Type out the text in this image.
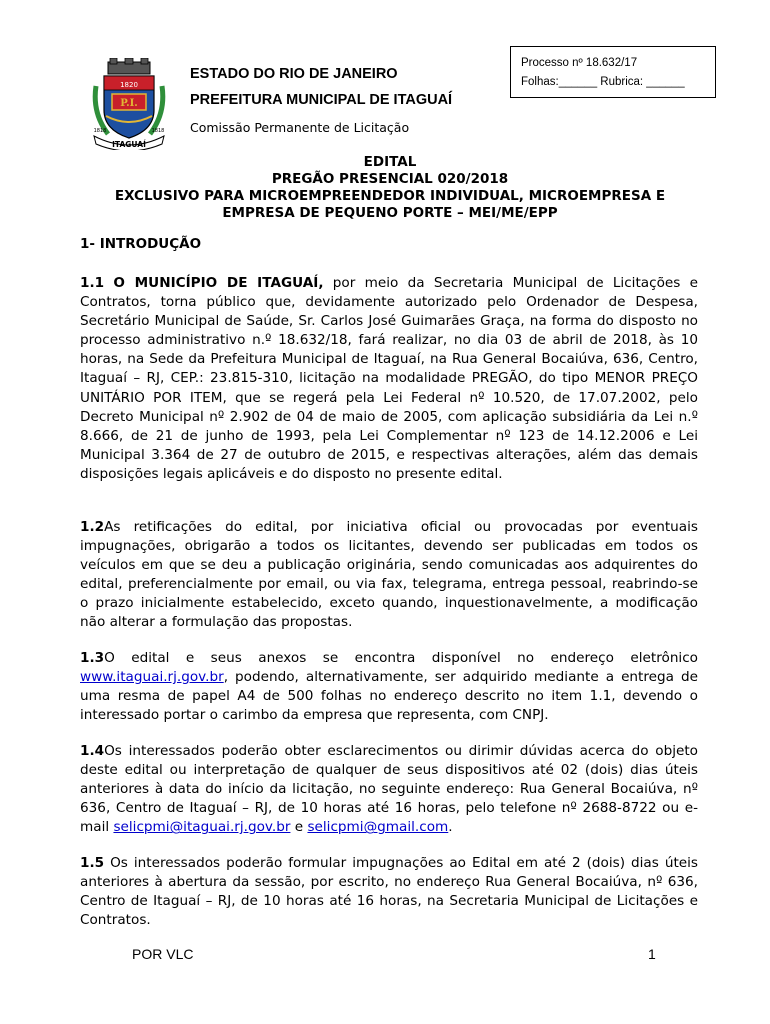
P.I.
1820
ITAGUAÍ
1818	1818
ESTADO DO RIO DE JANEIRO
PREFEITURA MUNICIPAL DE ITAGUAÍ
Comissão Permanente de Licitação
Processo nº 18.632/17
Folhas:______ Rubrica: ______
EDITAL
PREGÃO PRESENCIAL 020/2018
EXCLUSIVO PARA MICROEMPREENDEDOR INDIVIDUAL, MICROEMPRESA E
EMPRESA DE PEQUENO PORTE – MEI/ME/EPP
1- INTRODUÇÃO
1.1 O MUNICÍPIO DE ITAGUAÍ, por meio da Secretaria Municipal de Licitações e Contratos, torna público que, devidamente autorizado pelo Ordenador de Despesa, Secretário Municipal de Saúde, Sr. Carlos José Guimarães Graça, na forma do disposto no processo administrativo n.º 18.632/18, fará realizar, no dia 03 de abril de 2018, às 10 horas, na Sede da Prefeitura Municipal de Itaguaí, na Rua General Bocaiúva, 636, Centro, Itaguaí – RJ, CEP.: 23.815-310, licitação na modalidade PREGÃO, do tipo MENOR PREÇO UNITÁRIO POR ITEM, que se regerá pela Lei Federal nº 10.520, de 17.07.2002, pelo Decreto Municipal nº 2.902 de 04 de maio de 2005, com aplicação subsidiária da Lei n.º 8.666, de 21 de junho de 1993, pela Lei Complementar nº 123 de 14.12.2006 e Lei Municipal 3.364 de 27 de outubro de 2015, e respectivas alterações, além das demais disposições legais aplicáveis e do disposto no presente edital.
1.2As retificações do edital, por iniciativa oficial ou provocadas por eventuais impugnações, obrigarão a todos os licitantes, devendo ser publicadas em todos os veículos em que se deu a publicação originária, sendo comunicadas aos adquirentes do edital, preferencialmente por email, ou via fax, telegrama, entrega pessoal, reabrindo-se o prazo inicialmente estabelecido, exceto quando, inquestionavelmente, a modificação não alterar a formulação das propostas.
1.3O edital e seus anexos se encontra disponível no endereço eletrônico www.itaguai.rj.gov.br, podendo, alternativamente, ser adquirido mediante a entrega de uma resma de papel A4 de 500 folhas no endereço descrito no item 1.1, devendo o interessado portar o carimbo da empresa que representa, com CNPJ.
1.4Os interessados poderão obter esclarecimentos ou dirimir dúvidas acerca do objeto deste edital ou interpretação de qualquer de seus dispositivos até 02 (dois) dias úteis anteriores à data do início da licitação, no seguinte endereço: Rua General Bocaiúva, nº 636, Centro de Itaguaí – RJ, de 10 horas até 16 horas, pelo telefone nº 2688-8722 ou e-mail selicpmi@itaguai.rj.gov.br e selicpmi@gmail.com.
1.5 Os interessados poderão formular impugnações ao Edital em até 2 (dois) dias úteis anteriores à abertura da sessão, por escrito, no endereço Rua General Bocaiúva, nº 636, Centro de Itaguaí – RJ, de 10 horas até 16 horas, na Secretaria Municipal de Licitações e Contratos.
POR VLC	1
